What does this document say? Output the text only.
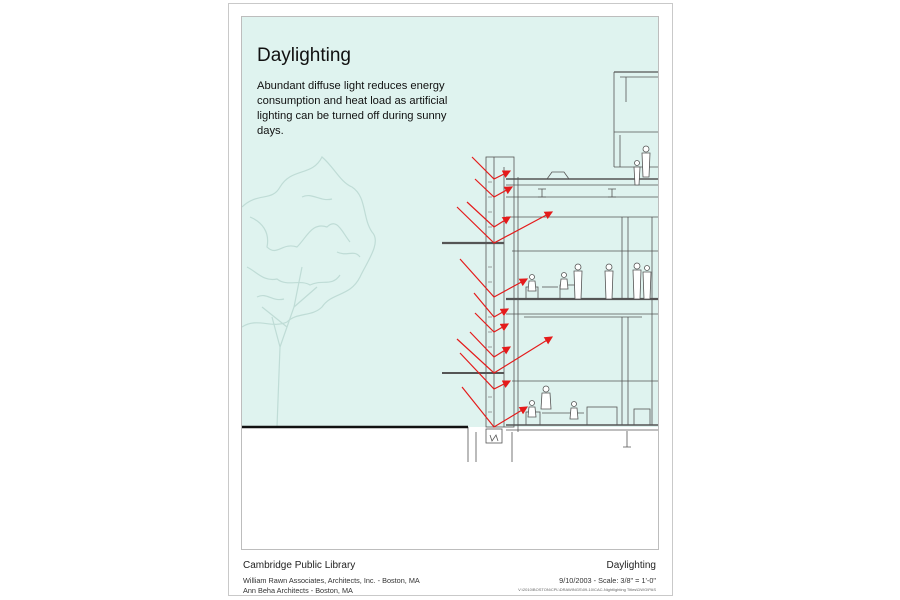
Daylighting
Abundant diffuse light reduces energy consumption and heat load as artificial lighting can be turned off during sunny days.
Cambridge Public Library
William Rawn Associates, Architects, Inc. - Boston, MA
Ann Beha Architects - Boston, MA
Daylighting
9/10/2003 - Scale: 3/8" = 1'-0"
V:\2010\BOSTON\CPL\DRAWINGS\09-10\CAC-Nightlighting Titles\DWG\PAS
